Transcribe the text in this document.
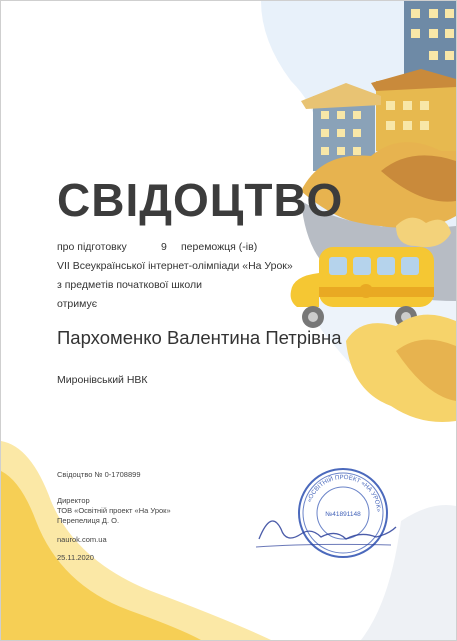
СВІДОЦТВО
про підготовку	9 переможця (-ів)
VII Всеукраїнської інтернет-олімпіади «На Урок»
з предметів початкової школи
отримує
Пархоменко Валентина Петрівна
Миронівський НВК
Свідоцтво № 0-1708899
Директор
ТОВ «Освітній проект «На Урок»
Перепелиця Д. О.
naurok.com.ua
25.11.2020
«ОСВІТНІЙ ПРОЕКТ «НА УРОК»
№41891148
